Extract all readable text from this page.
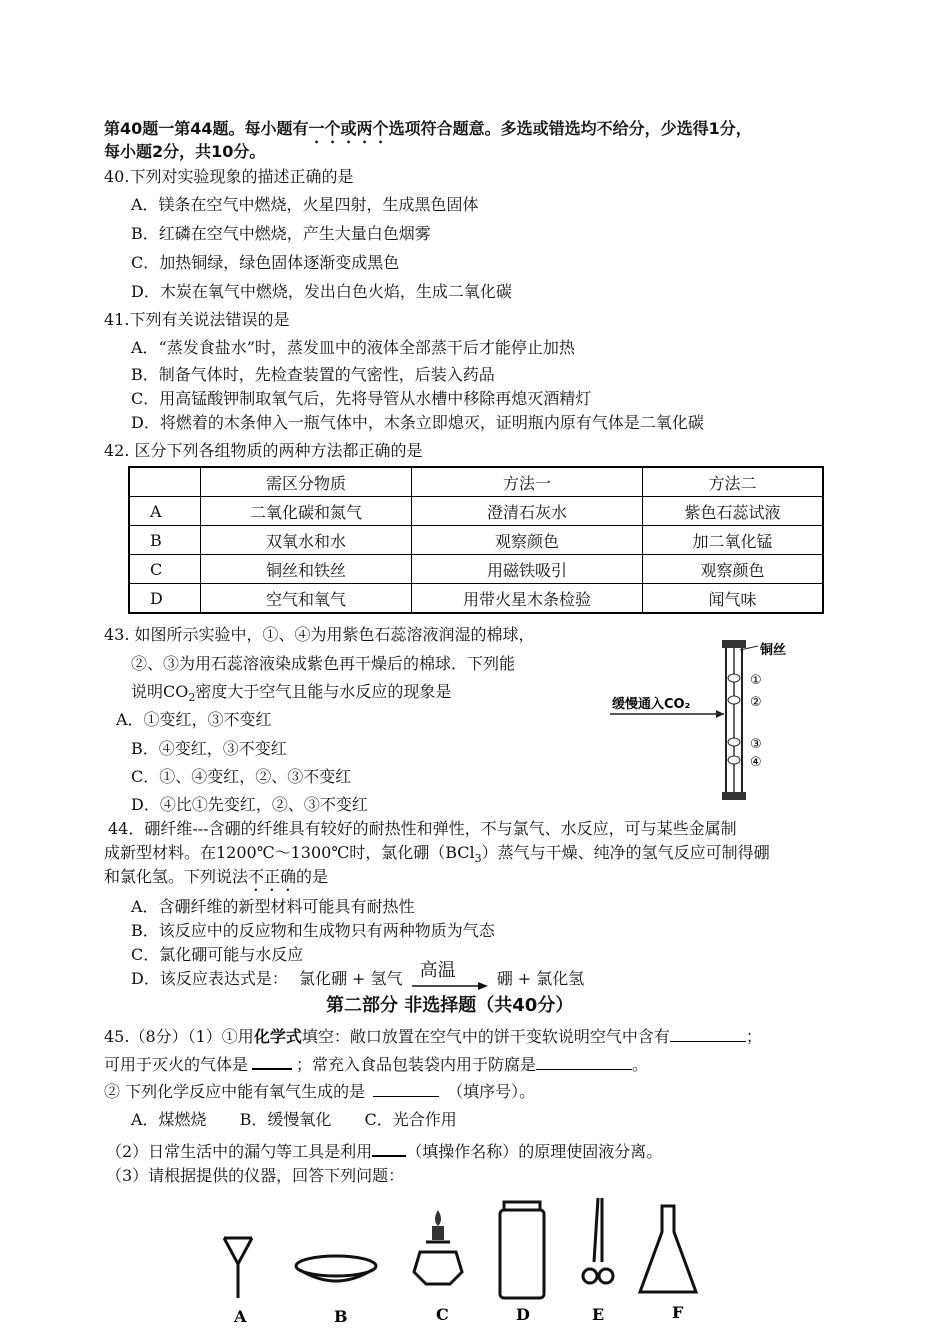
第40题一第44题。每小题有一个或两个选项符合题意。多选或错选均不给分，少选得1分，
每小题2分，共10分。
40.下列对实验现象的描述正确的是
A．镁条在空气中燃烧，火星四射，生成黑色固体
B．红磷在空气中燃烧，产生大量白色烟雾
C．加热铜绿，绿色固体逐渐变成黑色
D．木炭在氧气中燃烧，发出白色火焰，生成二氧化碳
41.下列有关说法错误的是
A．“蒸发食盐水”时，蒸发皿中的液体全部蒸干后才能停止加热
B．制备气体时，先检查装置的气密性，后装入药品
C．用高锰酸钾制取氧气后，先将导管从水槽中移除再熄灭酒精灯
D．将燃着的木条伸入一瓶气体中，木条立即熄灭，证明瓶内原有气体是二氧化碳
42. 区分下列各组物质的两种方法都正确的是
	需区分物质	方法一	方法二
A	二氧化碳和氮气	澄清石灰水	紫色石蕊试液
B	双氧水和水	观察颜色	加二氧化锰
C	铜丝和铁丝	用磁铁吸引	观察颜色
D	空气和氧气	用带火星木条检验	闻气味
43. 如图所示实验中，①、④为用紫色石蕊溶液润湿的棉球，
②、③为用石蕊溶液染成紫色再干燥后的棉球．下列能
说明$CO_2$密度大于空气且能与水反应的现象是
A．①变红，③不变红
B．④变红，③不变红
C．①、④变红，②、③不变红
D．④比①先变红，②、③不变红
铜丝
缓慢通入CO₂
①
②
③
④
44．硼纤维---含硼的纤维具有较好的耐热性和弹性，不与氯气、水反应，可与某些金属制
成新型材料。在1200℃～1300℃时，氯化硼（BCl$_3$）蒸气与干燥、纯净的氢气反应可制得硼
和氯化氢。下列说法不正确的是
A．含硼纤维的新型材料可能具有耐热性
B．该反应中的反应物和生成物只有两种物质为气态
C．氯化硼可能与水反应
D．该反应表达式是： 氯化硼 + 氢气 高温	硼 + 氯化氢
第二部分 非选择题（共40分）
45.（8分）（1）①用化学式填空：敞口放置在空气中的饼干变软说明空气中含有	；
可用于灭火的气体是	；常充入食品包装袋内用于防腐是	。
② 下列化学反应中能有氧气生成的是	（填序号）。
A．煤燃烧 B．缓慢氧化 C．光合作用
（2）日常生活中的漏勺等工具是利用 （填操作名称）的原理使固液分离。
（3）请根据提供的仪器，回答下列问题：
A	B	C	D	E	F
